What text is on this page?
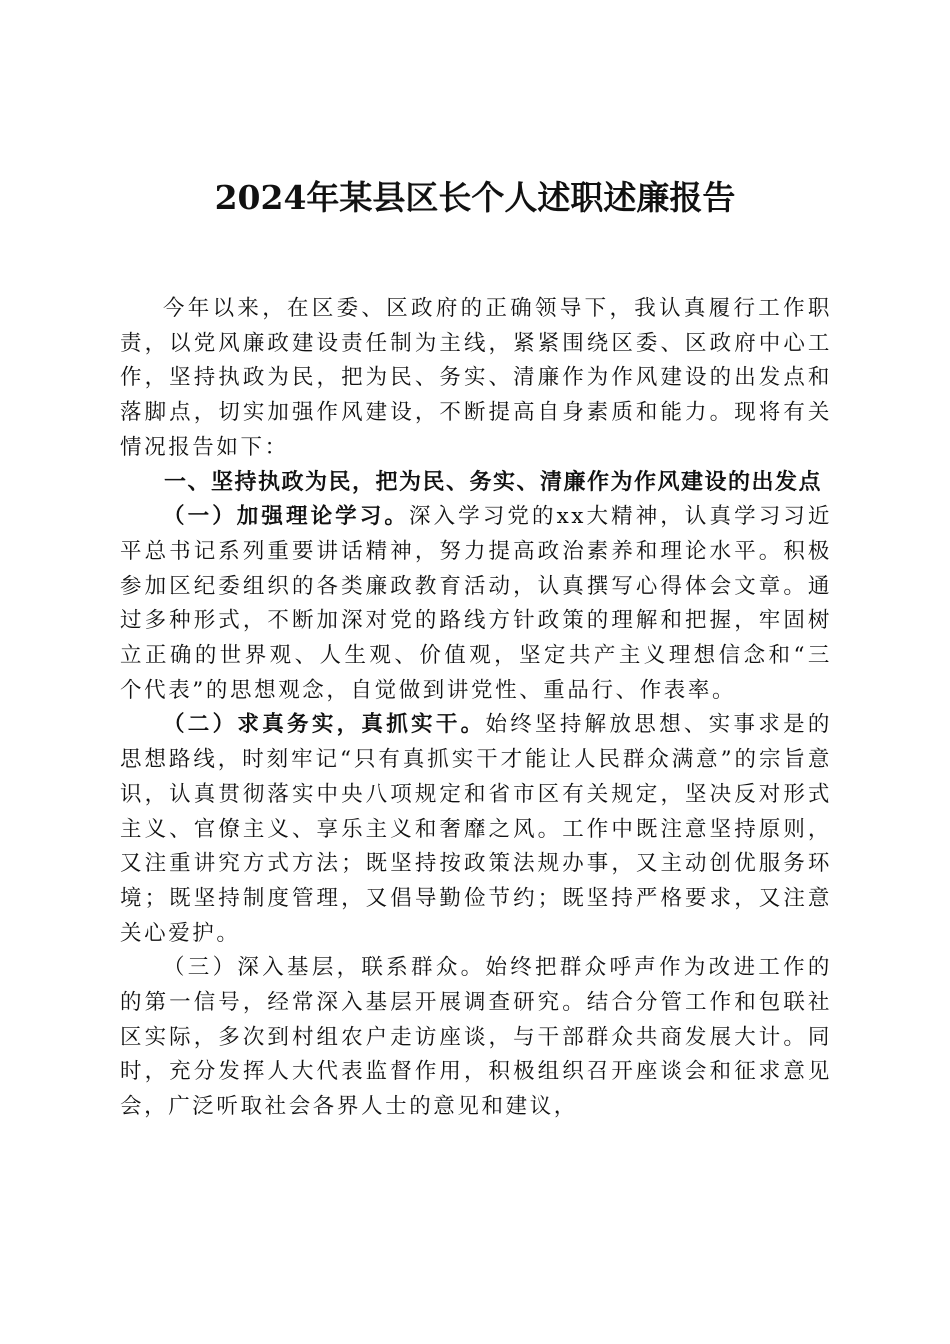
2024年某县区长个人述职述廉报告

今年以来，在区委、区政府的正确领导下，我认真履行工作职责，以党风廉政建设责任制为主线，紧紧围绕区委、区政府中心工作，坚持执政为民，把为民、务实、清廉作为作风建设的出发点和落脚点，切实加强作风建设，不断提高自身素质和能力。现将有关情况报告如下：

一、坚持执政为民，把为民、务实、清廉作为作风建设的出发点

（一）加强理论学习。深入学习党的xx大精神，认真学习习近平总书记系列重要讲话精神，努力提高政治素养和理论水平。积极参加区纪委组织的各类廉政教育活动，认真撰写心得体会文章。通过多种形式，不断加深对党的路线方针政策的理解和把握，牢固树立正确的世界观、人生观、价值观，坚定共产主义理想信念和“三个代表”的思想观念，自觉做到讲党性、重品行、作表率。

（二）求真务实，真抓实干。始终坚持解放思想、实事求是的思想路线，时刻牢记“只有真抓实干才能让人民群众满意”的宗旨意识，认真贯彻落实中央八项规定和省市区有关规定，坚决反对形式主义、官僚主义、享乐主义和奢靡之风。工作中既注意坚持原则，又注重讲究方式方法；既坚持按政策法规办事，又主动创优服务环境；既坚持制度管理，又倡导勤俭节约；既坚持严格要求，又注意关心爱护。

（三）深入基层，联系群众。始终把群众呼声作为改进工作的的第一信号，经常深入基层开展调查研究。结合分管工作和包联社区实际，多次到村组农户走访座谈，与干部群众共商发展大计。同时，充分发挥人大代表监督作用，积极组织召开座谈会和征求意见会，广泛听取社会各界人士的意见和建议，
